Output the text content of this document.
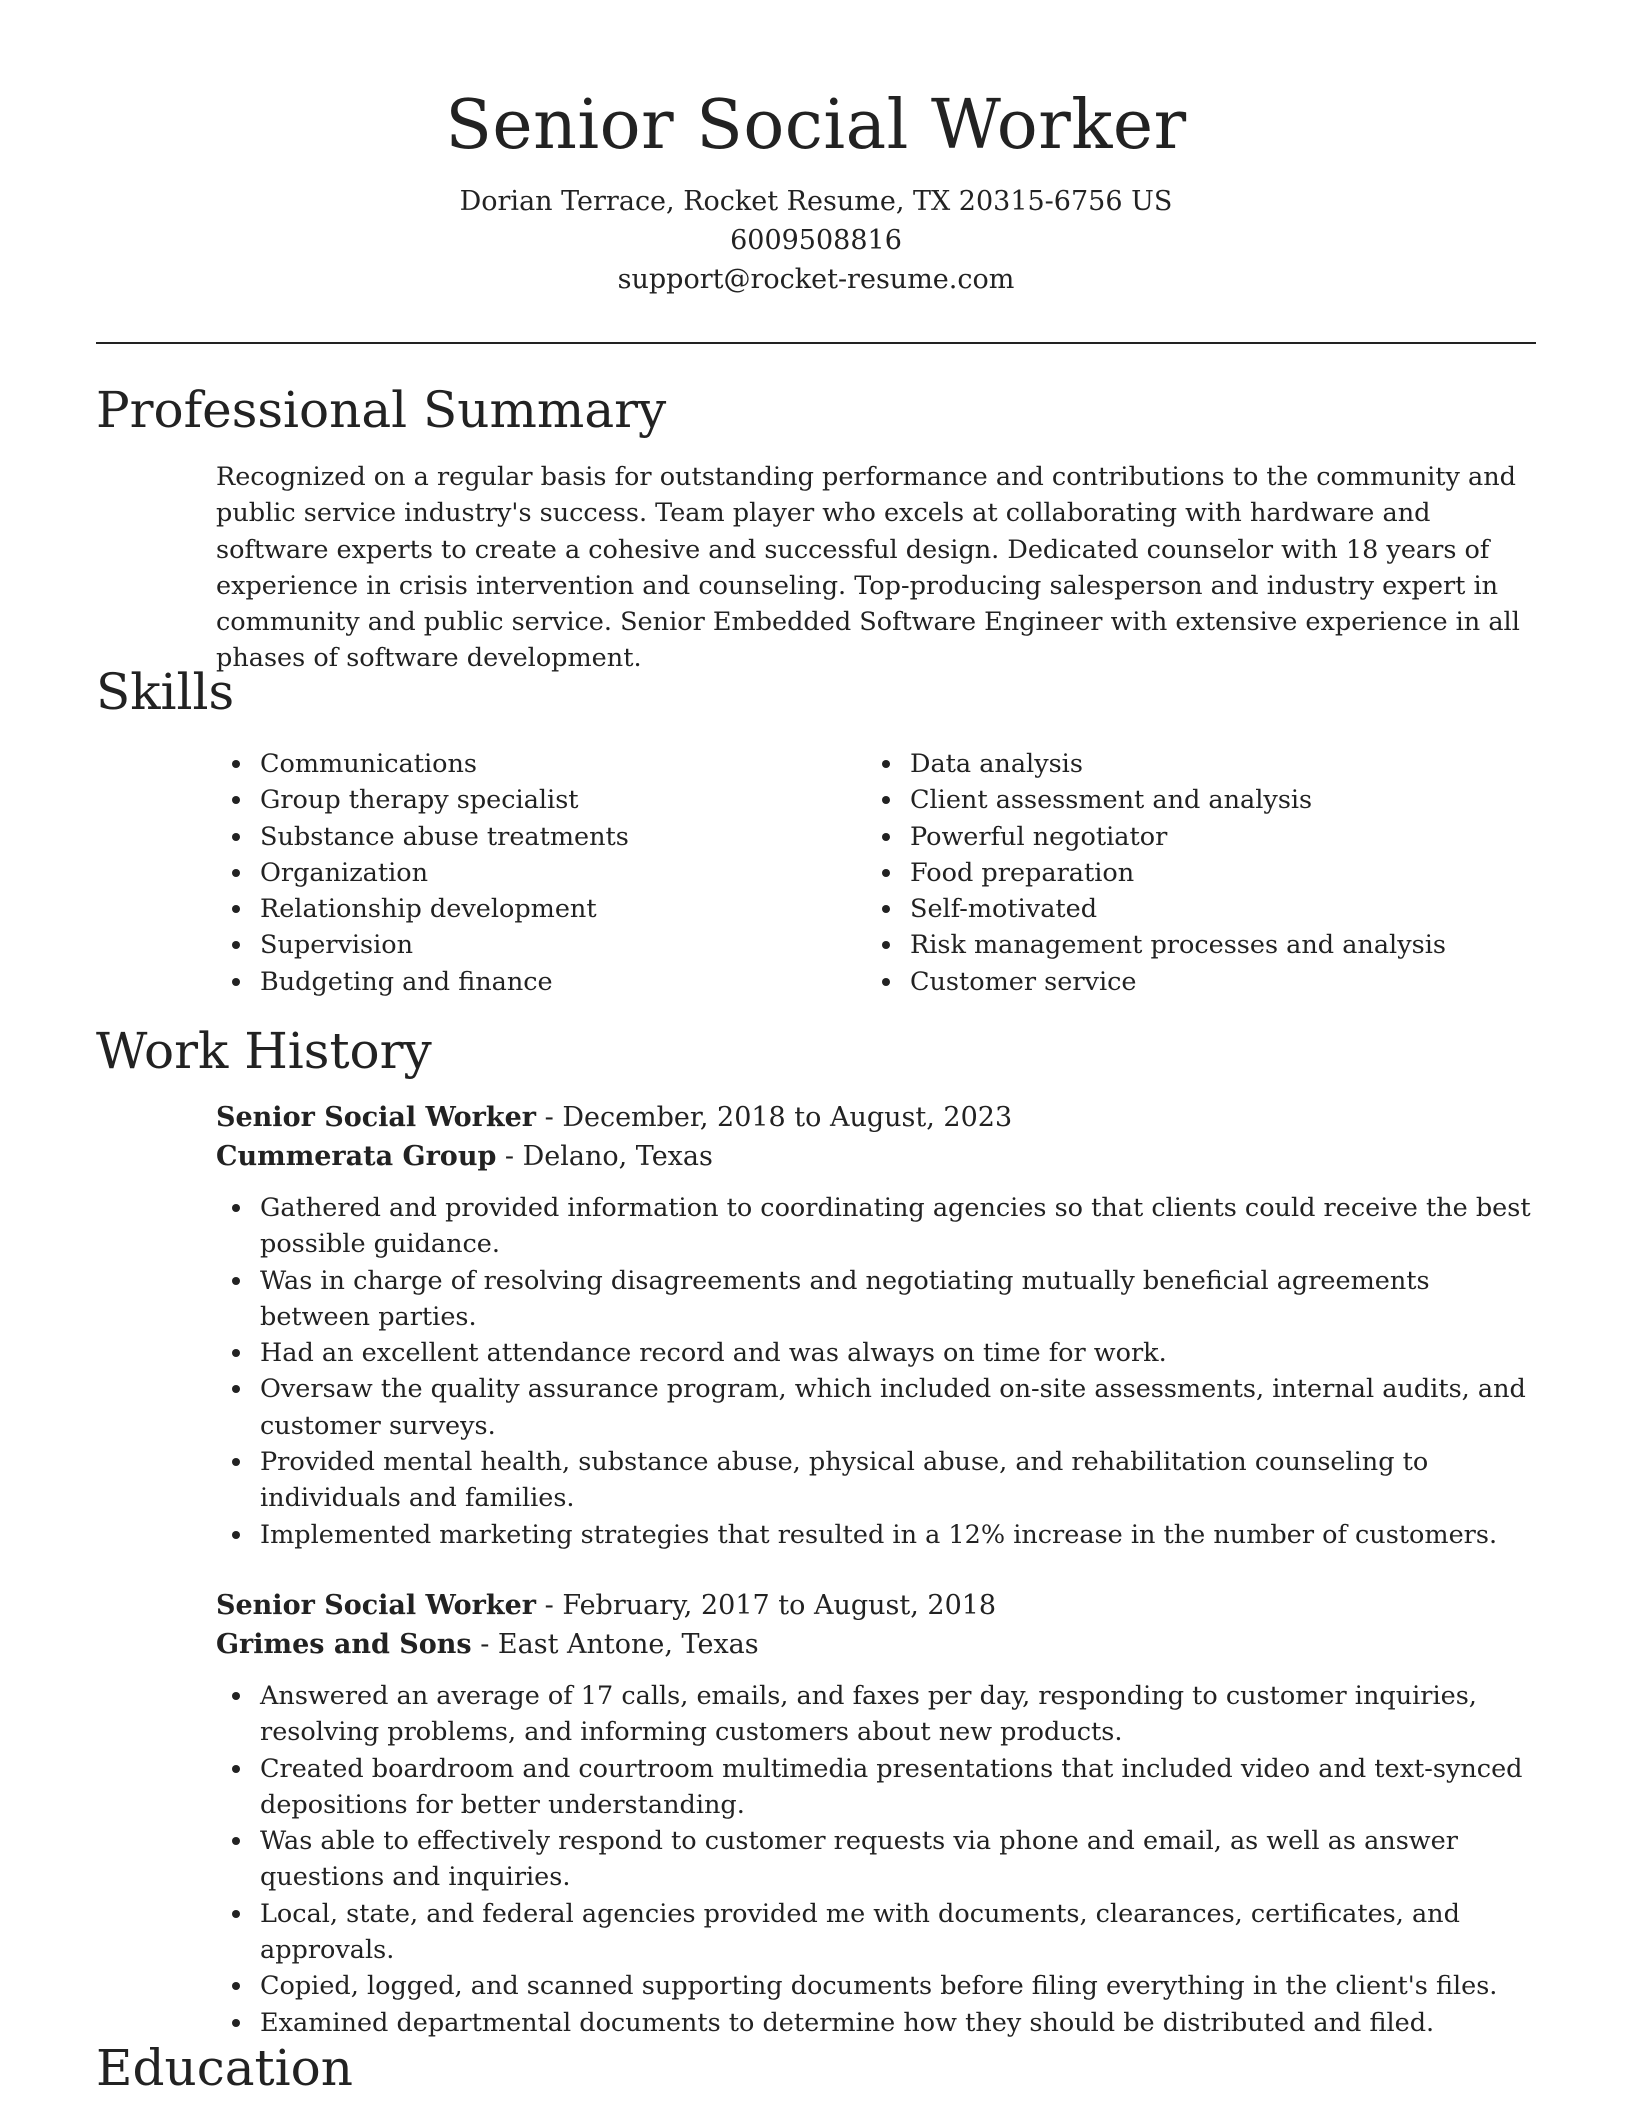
Senior Social Worker
Dorian Terrace, Rocket Resume, TX 20315-6756 US
6009508816
support@rocket-resume.com
Professional Summary
Recognized on a regular basis for outstanding performance and contributions to the community and public service industry's success. Team player who excels at collaborating with hardware and software experts to create a cohesive and successful design. Dedicated counselor with 18 years of experience in crisis intervention and counseling. Top-producing salesperson and industry expert in community and public service. Senior Embedded Software Engineer with extensive experience in all phases of software development.
Skills
Communications
Group therapy specialist
Substance abuse treatments
Organization
Relationship development
Supervision
Budgeting and finance
Data analysis
Client assessment and analysis
Powerful negotiator
Food preparation
Self-motivated
Risk management processes and analysis
Customer service
Work History
Senior Social Worker - December, 2018 to August, 2023
Cummerata Group - Delano, Texas
Gathered and provided information to coordinating agencies so that clients could receive the best possible guidance.
Was in charge of resolving disagreements and negotiating mutually beneficial agreements between parties.
Had an excellent attendance record and was always on time for work.
Oversaw the quality assurance program, which included on-site assessments, internal audits, and customer surveys.
Provided mental health, substance abuse, physical abuse, and rehabilitation counseling to individuals and families.
Implemented marketing strategies that resulted in a 12% increase in the number of customers.
Senior Social Worker - February, 2017 to August, 2018
Grimes and Sons - East Antone, Texas
Answered an average of 17 calls, emails, and faxes per day, responding to customer inquiries, resolving problems, and informing customers about new products.
Created boardroom and courtroom multimedia presentations that included video and text-synced depositions for better understanding.
Was able to effectively respond to customer requests via phone and email, as well as answer questions and inquiries.
Local, state, and federal agencies provided me with documents, clearances, certificates, and approvals.
Copied, logged, and scanned supporting documents before filing everything in the client's files.
Examined departmental documents to determine how they should be distributed and filed.
Education
